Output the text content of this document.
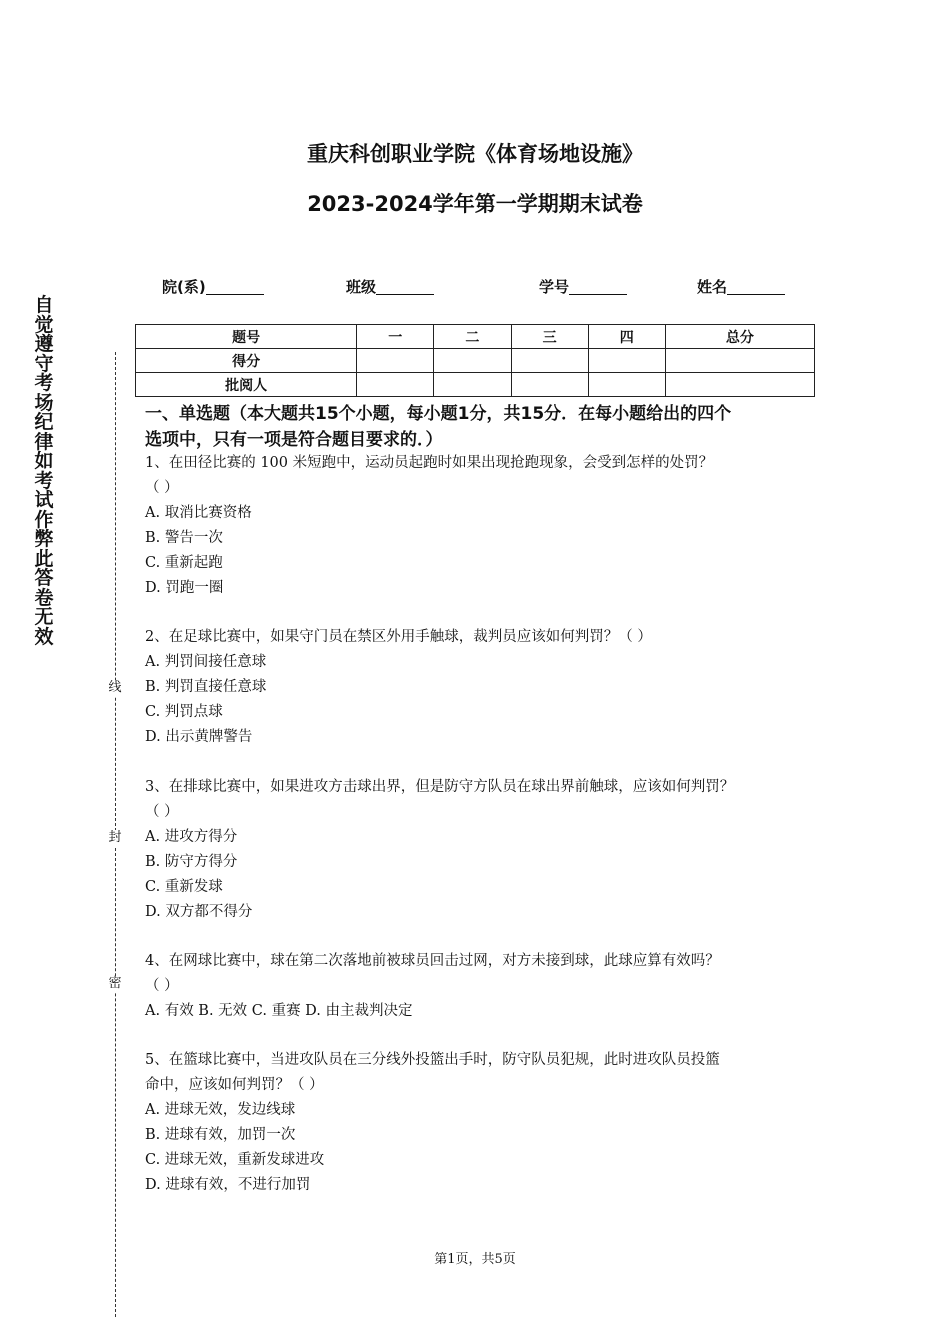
重庆科创职业学院《体育场地设施》
2023-2024学年第一学期期末试卷
院(系)	班级	学号	姓名
题号	一	二	三	四	总分
得分					
批阅人					
自
觉
遵
守
考
场
纪
律
如
考
试
作
弊
此
答
卷
无
效
线
封
密
一、单选题（本大题共15个小题，每小题1分，共15分．在每小题给出的四个
选项中，只有一项是符合题目要求的．）

1、在田径比赛的 100 米短跑中，运动员起跑时如果出现抢跑现象，会受到怎样的处罚？

（ ）

A. 取消比赛资格

B. 警告一次

C. 重新起跑

D. 罚跑一圈

2、在足球比赛中，如果守门员在禁区外用手触球，裁判员应该如何判罚？（ ）

A. 判罚间接任意球

B. 判罚直接任意球

C. 判罚点球

D. 出示黄牌警告

3、在排球比赛中，如果进攻方击球出界，但是防守方队员在球出界前触球，应该如何判罚？

（ ）

A. 进攻方得分

B. 防守方得分

C. 重新发球

D. 双方都不得分

4、在网球比赛中，球在第二次落地前被球员回击过网，对方未接到球，此球应算有效吗？

（ ）

A. 有效 B. 无效 C. 重赛 D. 由主裁判决定

5、在篮球比赛中，当进攻队员在三分线外投篮出手时，防守队员犯规，此时进攻队员投篮

命中，应该如何判罚？（ ）

A. 进球无效，发边线球

B. 进球有效，加罚一次

C. 进球无效，重新发球进攻

D. 进球有效，不进行加罚

第1页，共5页
